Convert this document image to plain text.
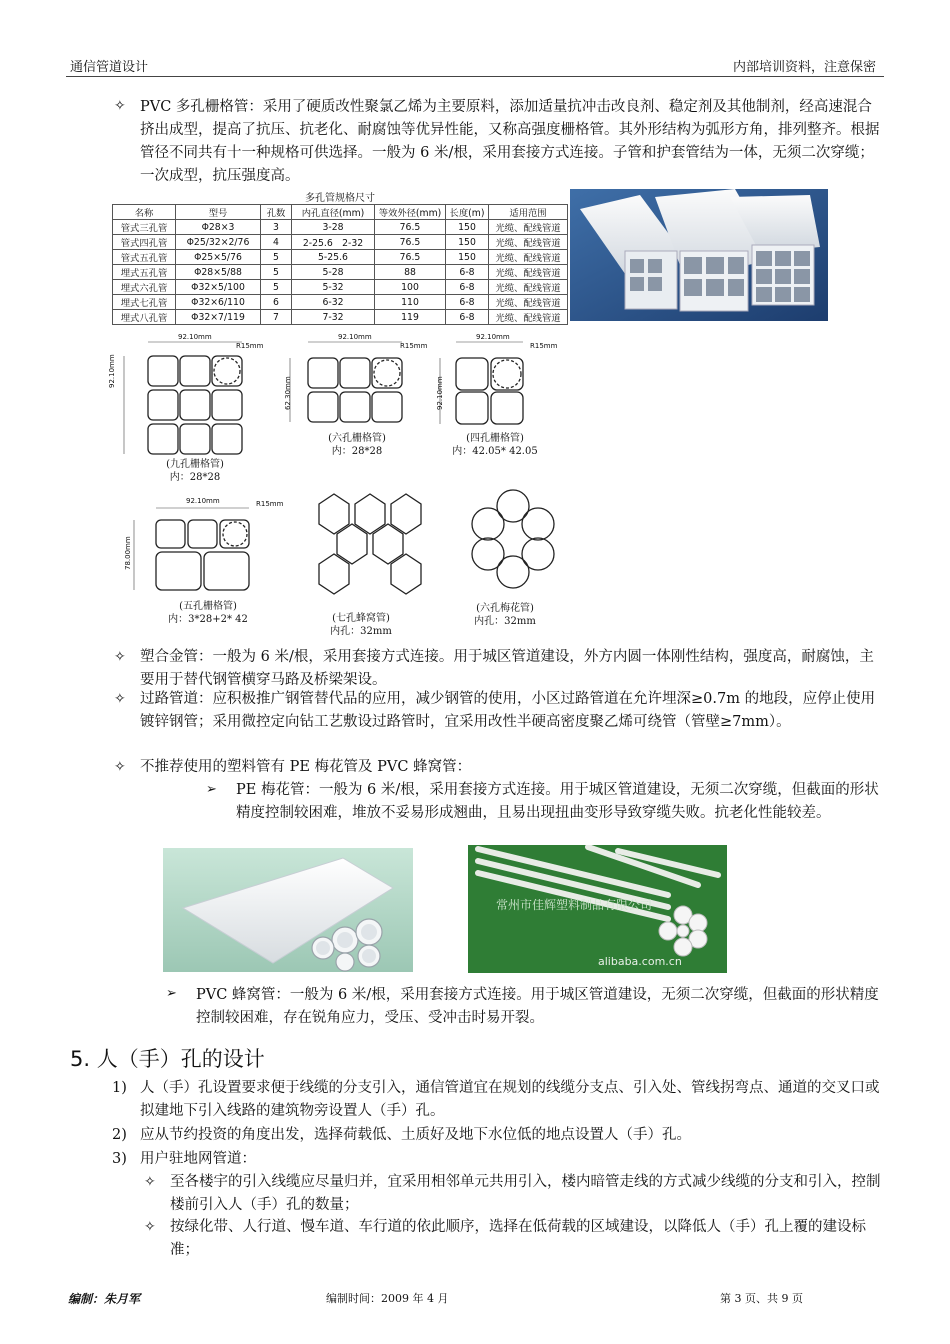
通信管道设计	内部培训资料，注意保密
✧ PVC 多孔栅格管：采用了硬质改性聚氯乙烯为主要原料，添加适量抗冲击改良剂、稳定剂及其他制剂，经高速混合挤出成型，提高了抗压、抗老化、耐腐蚀等优异性能，又称高强度栅格管。其外形结构为弧形方角，排列整齐。根据管径不同共有十一种规格可供选择。一般为 6 米/根，采用套接方式连接。子管和护套管结为一体，无须二次穿缆；一次成型，抗压强度高。
多孔管规格尺寸						
名称	型号	孔数	内孔直径(mm)	等效外径(mm)	长度(m)	适用范围
管式三孔管	Φ28×3	3	3-28	76.5	150	光缆、配线管道
管式四孔管	Φ25/32×2/76	4	2-25.6　2-32	76.5	150	光缆、配线管道
管式五孔管	Φ25×5/76	5	5-25.6	76.5	150	光缆、配线管道
埋式五孔管	Φ28×5/88	5	5-28	88	6-8	光缆、配线管道
埋式六孔管	Φ32×5/100	5	5-32	100	6-8	光缆、配线管道
埋式七孔管	Φ32×6/110	6	6-32	110	6-8	光缆、配线管道
埋式八孔管	Φ32×7/119	7	7-32	119	6-8	光缆、配线管道
92.10mm
R15mm
92.10mm
92.10mm
R15mm
62.30mm
92.10mm
R15mm
92.10mm
92.10mm	R15mm
78.00mm
(九孔栅格管)
内：28*28
(六孔栅格管)
内：28*28
(四孔栅格管)
内：42.05* 42.05
(五孔栅格管)
内：3*28+2* 42	(七孔蜂窝管)
内孔：32mm
(六孔梅花管)
内孔：32mm
✧ 塑合金管：一般为 6 米/根，采用套接方式连接。用于城区管道建设，外方内圆一体刚性结构，强度高，耐腐蚀，主要用于替代钢管横穿马路及桥梁架设。
✧ 过路管道：应积极推广钢管替代品的应用，减少钢管的使用，小区过路管道在允许埋深≥0.7m 的地段，应停止使用镀锌钢管；采用微控定向钻工艺敷设过路管时，宜采用改性半硬高密度聚乙烯可绕管（管壁≥7mm）。
✧ 不推荐使用的塑料管有 PE 梅花管及 PVC 蜂窝管：
➢ PE 梅花管：一般为 6 米/根，采用套接方式连接。用于城区管道建设，无须二次穿缆，但截面的形状精度控制较困难，堆放不妥易形成翘曲，且易出现扭曲变形导致穿缆失败。抗老化性能较差。
常州市佳辉塑料制品有限公司
alibaba.com.cn
➢ PVC 蜂窝管：一般为 6 米/根，采用套接方式连接。用于城区管道建设，无须二次穿缆，但截面的形状精度控制较困难，存在锐角应力，受压、受冲击时易开裂。
5. 人（手）孔的设计
1) 人（手）孔设置要求便于线缆的分支引入，通信管道宜在规划的线缆分支点、引入处、管线拐弯点、通道的交叉口或拟建地下引入线路的建筑物旁设置人（手）孔。
2) 应从节约投资的角度出发，选择荷载低、土质好及地下水位低的地点设置人（手）孔。
3) 用户驻地网管道：
✧ 至各楼宇的引入线缆应尽量归并，宜采用相邻单元共用引入，楼内暗管走线的方式减少线缆的分支和引入，控制楼前引入人（手）孔的数量；
✧ 按绿化带、人行道、慢车道、车行道的依此顺序，选择在低荷载的区域建设，以降低人（手）孔上覆的建设标准；
编制：朱月军	编制时间：2009 年 4 月	第 3 页、共 9 页
